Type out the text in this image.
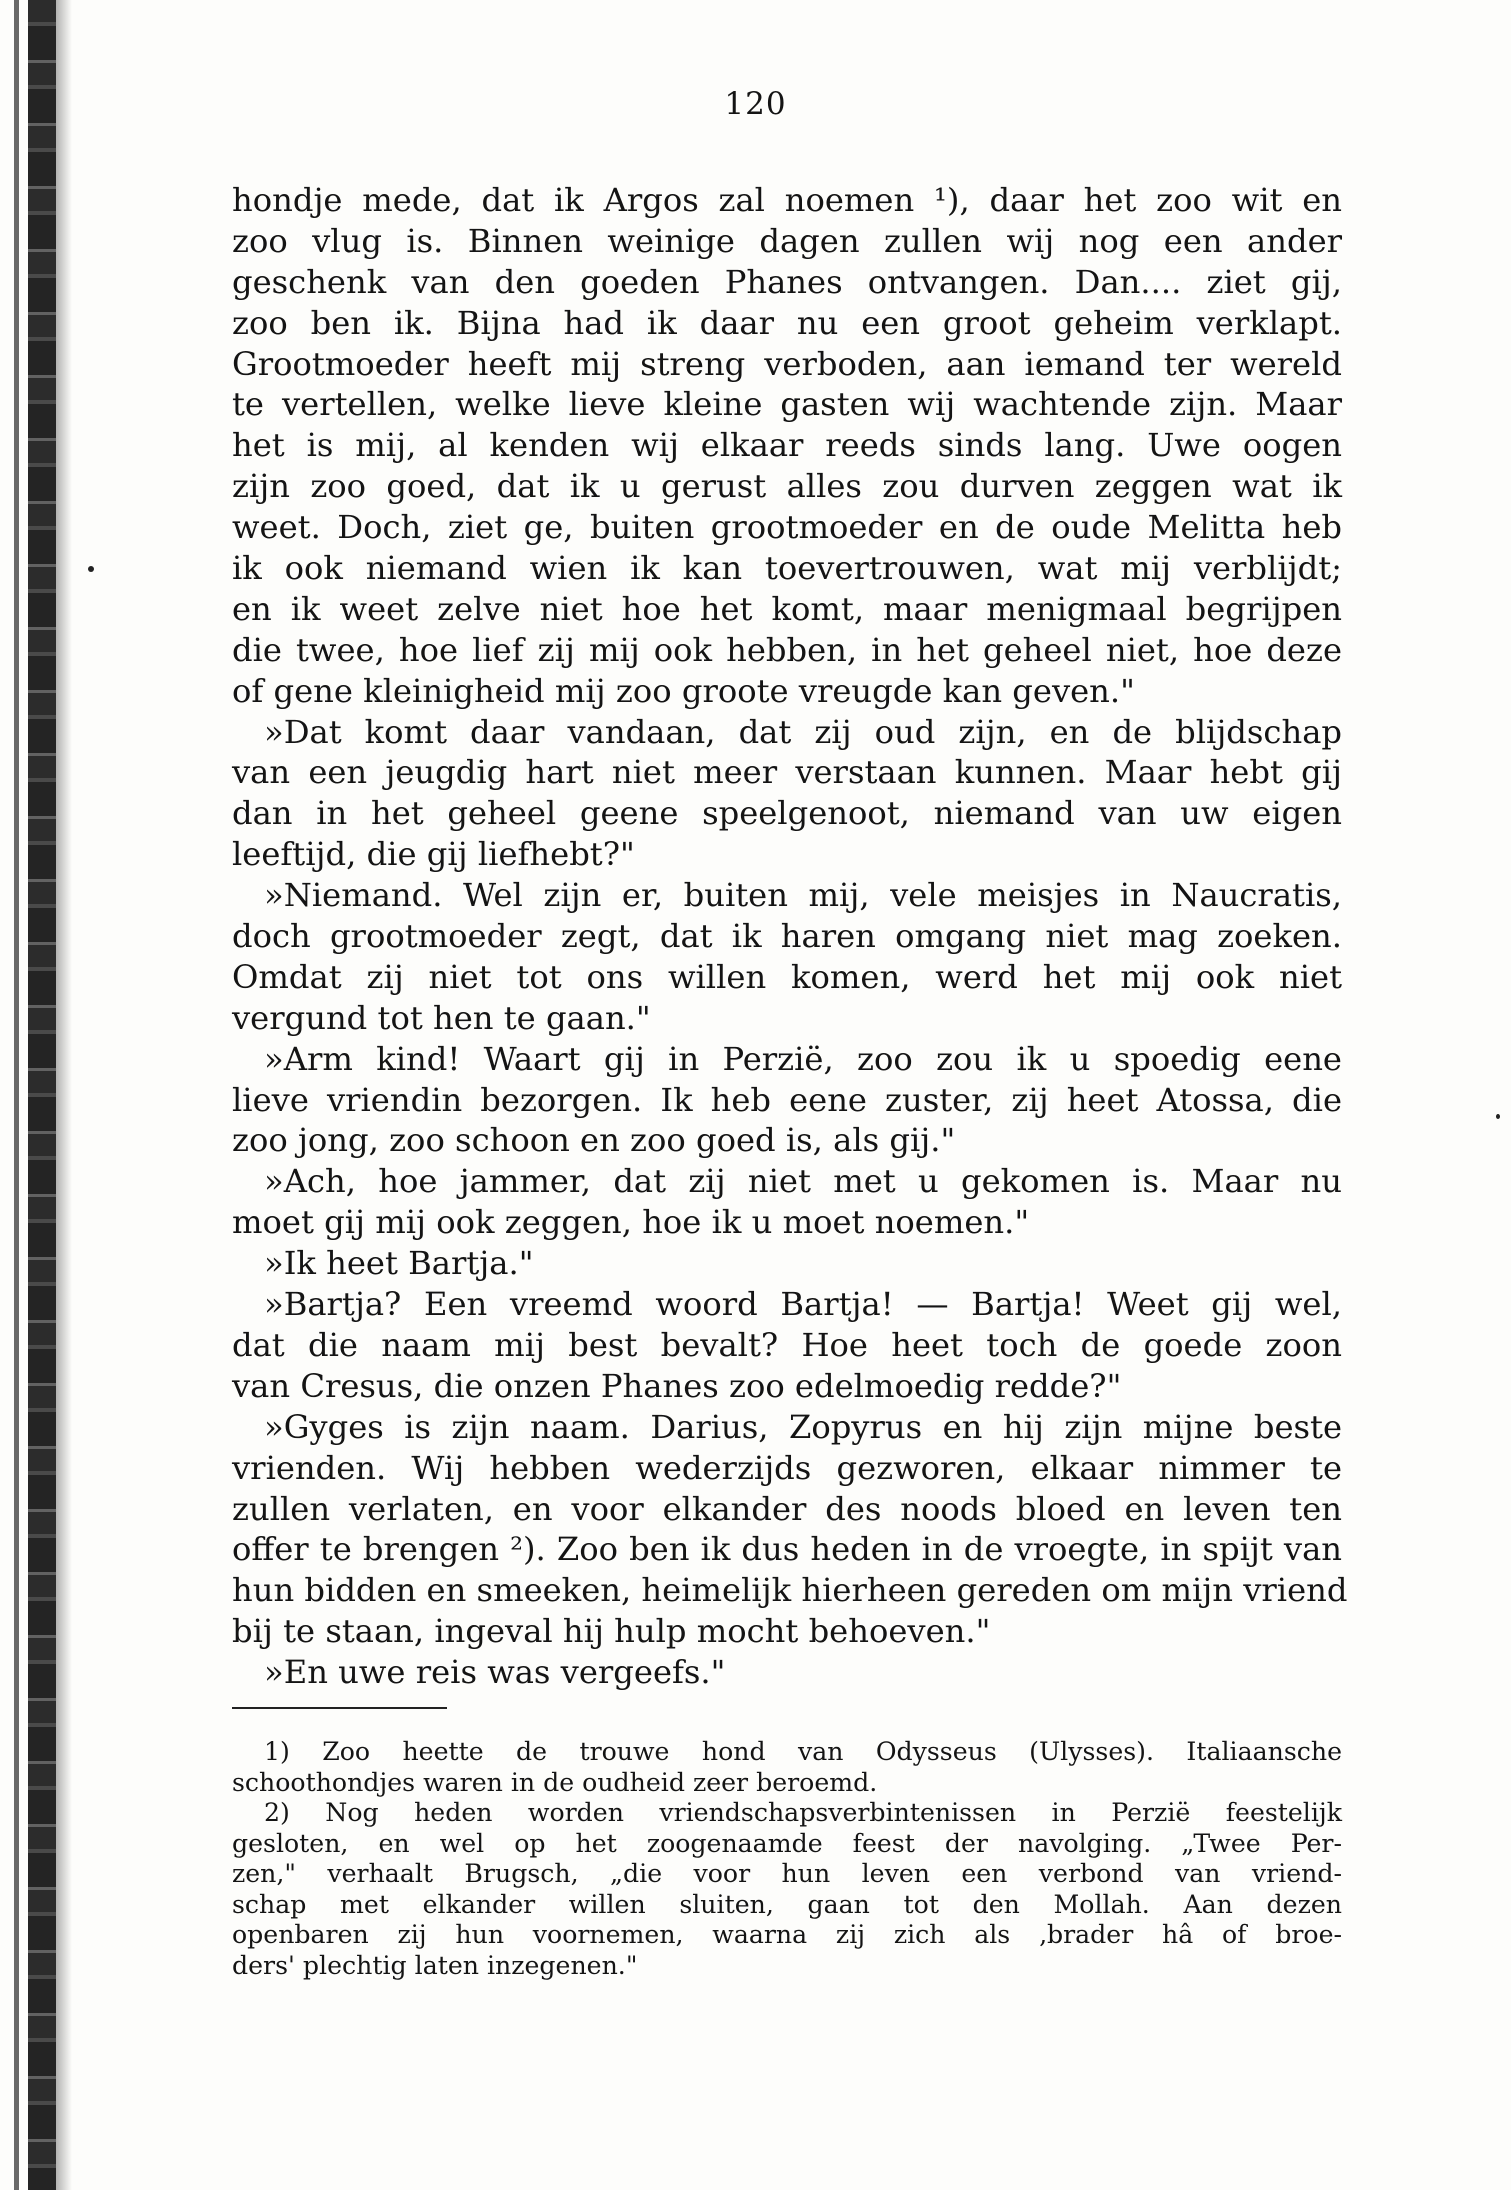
120
hondje mede, dat ik Argos zal noemen ¹), daar het zoo wit en
zoo vlug is. Binnen weinige dagen zullen wij nog een ander
geschenk van den goeden Phanes ontvangen. Dan.... ziet gij,
zoo ben ik. Bijna had ik daar nu een groot geheim verklapt.
Grootmoeder heeft mij streng verboden, aan iemand ter wereld
te vertellen, welke lieve kleine gasten wij wachtende zijn. Maar
het is mij, al kenden wij elkaar reeds sinds lang. Uwe oogen
zijn zoo goed, dat ik u gerust alles zou durven zeggen wat ik
weet. Doch, ziet ge, buiten grootmoeder en de oude Melitta heb
ik ook niemand wien ik kan toevertrouwen, wat mij verblijdt;
en ik weet zelve niet hoe het komt, maar menigmaal begrijpen
die twee, hoe lief zij mij ook hebben, in het geheel niet, hoe deze
of gene kleinigheid mij zoo groote vreugde kan geven."
»Dat komt daar vandaan, dat zij oud zijn, en de blijdschap
van een jeugdig hart niet meer verstaan kunnen. Maar hebt gij
dan in het geheel geene speelgenoot, niemand van uw eigen
leeftijd, die gij liefhebt?"
»Niemand. Wel zijn er, buiten mij, vele meisjes in Naucratis,
doch grootmoeder zegt, dat ik haren omgang niet mag zoeken.
Omdat zij niet tot ons willen komen, werd het mij ook niet
vergund tot hen te gaan."
»Arm kind! Waart gij in Perzië, zoo zou ik u spoedig eene
lieve vriendin bezorgen. Ik heb eene zuster, zij heet Atossa, die
zoo jong, zoo schoon en zoo goed is, als gij."
»Ach, hoe jammer, dat zij niet met u gekomen is. Maar nu
moet gij mij ook zeggen, hoe ik u moet noemen."
»Ik heet Bartja."
»Bartja? Een vreemd woord Bartja! — Bartja! Weet gij wel,
dat die naam mij best bevalt? Hoe heet toch de goede zoon
van Cresus, die onzen Phanes zoo edelmoedig redde?"
»Gyges is zijn naam. Darius, Zopyrus en hij zijn mijne beste
vrienden. Wij hebben wederzijds gezworen, elkaar nimmer te
zullen verlaten, en voor elkander des noods bloed en leven ten
offer te brengen ²). Zoo ben ik dus heden in de vroegte, in spijt van
hun bidden en smeeken, heimelijk hierheen gereden om mijn vriend
bij te staan, ingeval hij hulp mocht behoeven."
»En uwe reis was vergeefs."
1) Zoo heette de trouwe hond van Odysseus (Ulysses). Italiaansche
schoothondjes waren in de oudheid zeer beroemd.
2) Nog heden worden vriendschapsverbintenissen in Perzië feestelijk
gesloten, en wel op het zoogenaamde feest der navolging. „Twee Per-
zen," verhaalt Brugsch, „die voor hun leven een verbond van vriend-
schap met elkander willen sluiten, gaan tot den Mollah. Aan dezen
openbaren zij hun voornemen, waarna zij zich als ‚brader hâ of broe-
ders' plechtig laten inzegenen."
